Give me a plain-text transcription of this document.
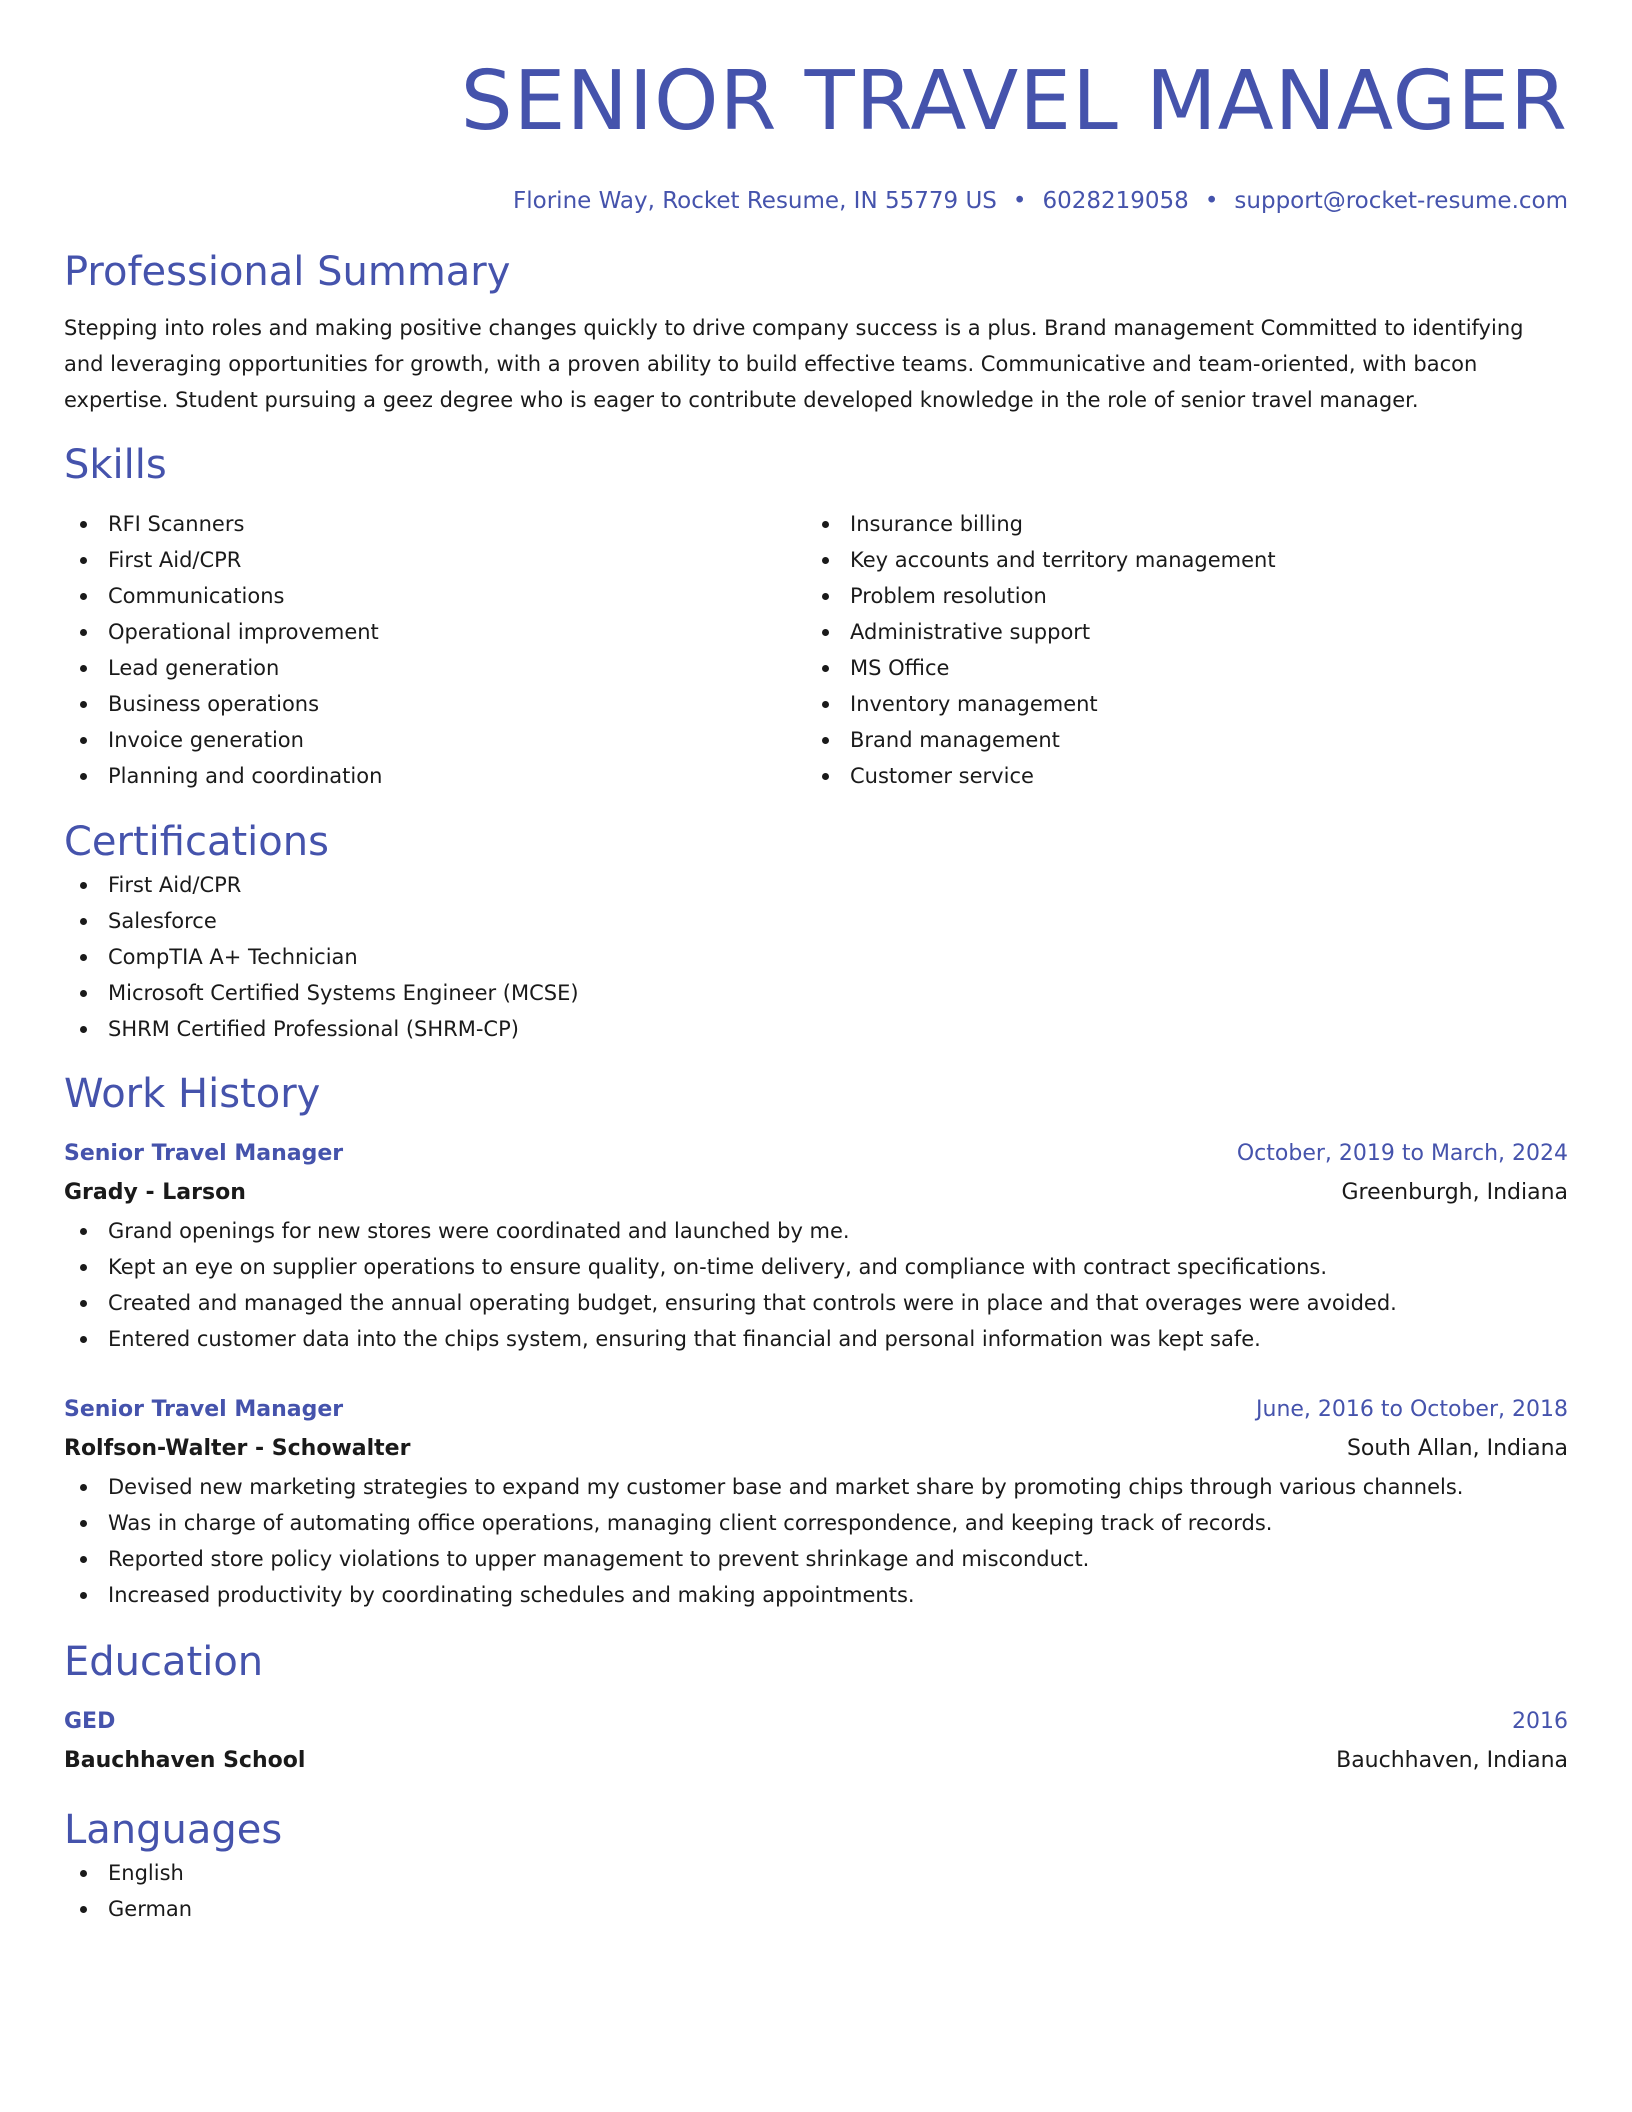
SENIOR TRAVEL MANAGER
Florine Way, Rocket Resume, IN 55779 US • 6028219058 • support@rocket-resume.com
Professional Summary

Stepping into roles and making positive changes quickly to drive company success is a plus. Brand management Committed to identifying and leveraging opportunities for growth, with a proven ability to build effective teams. Communicative and team-oriented, with bacon expertise. Student pursuing a geez degree who is eager to contribute developed knowledge in the role of senior travel manager.

Skills
RFI Scanners
First Aid/CPR
Communications
Operational improvement
Lead generation
Business operations
Invoice generation
Planning and coordination
Insurance billing
Key accounts and territory management
Problem resolution
Administrative support
MS Office
Inventory management
Brand management
Customer service
Certifications
First Aid/CPR
Salesforce
CompTIA A+ Technician
Microsoft Certified Systems Engineer (MCSE)
SHRM Certified Professional (SHRM-CP)
Work History
Senior Travel Manager	October, 2019 to March, 2024
Grady - Larson	Greenburgh, Indiana
Grand openings for new stores were coordinated and launched by me.
Kept an eye on supplier operations to ensure quality, on-time delivery, and compliance with contract specifications.
Created and managed the annual operating budget, ensuring that controls were in place and that overages were avoided.
Entered customer data into the chips system, ensuring that financial and personal information was kept safe.
Senior Travel Manager	June, 2016 to October, 2018
Rolfson-Walter - Schowalter	South Allan, Indiana
Devised new marketing strategies to expand my customer base and market share by promoting chips through various channels.
Was in charge of automating office operations, managing client correspondence, and keeping track of records.
Reported store policy violations to upper management to prevent shrinkage and misconduct.
Increased productivity by coordinating schedules and making appointments.
Education
GED	2016
Bauchhaven School	Bauchhaven, Indiana
Languages
English
German
